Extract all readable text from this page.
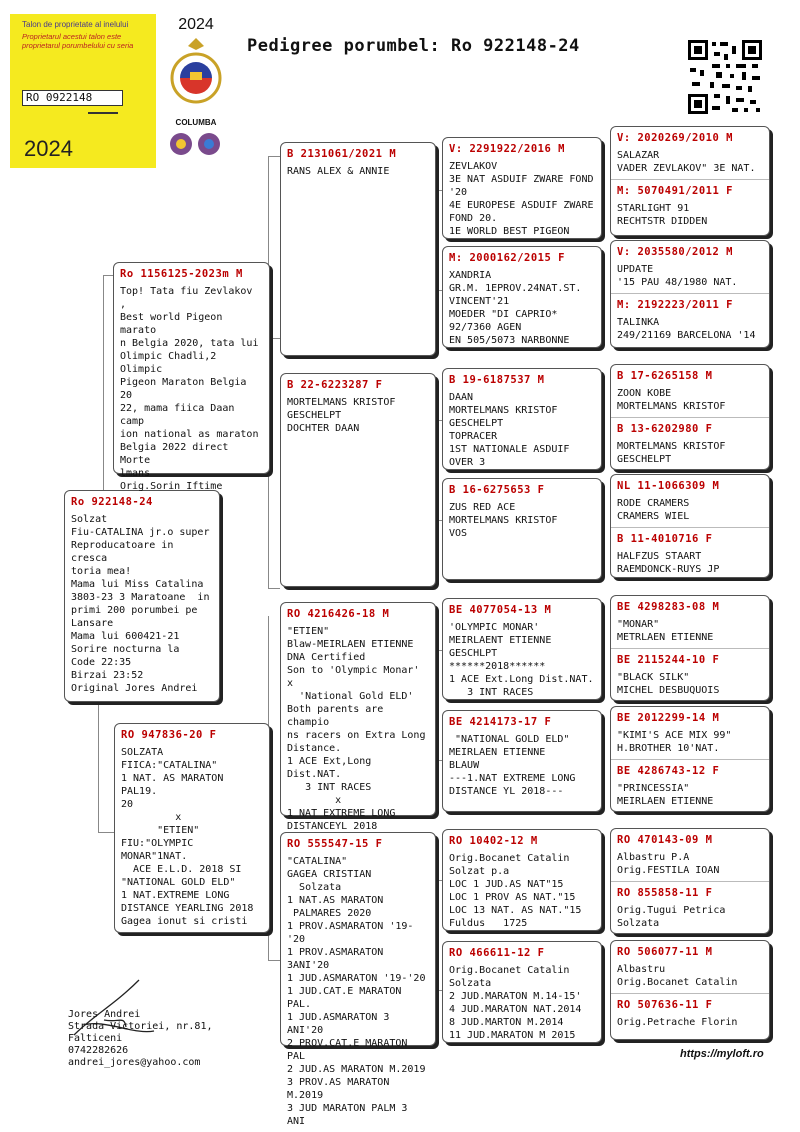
Talon de proprietate al inelului
Proprietarul acestui talon este proprietarul porumbelului cu seria
RO 0922148
2024
2024
COLUMBA
Pedigree porumbel: Ro 922148-24
Ro 922148-24
Solzat
Fiu-CATALINA jr.o super
Reproducatoare in cresca
toria mea!
Mama lui Miss Catalina
3803-23 3 Maratoane  in
primi 200 porumbei pe
Lansare
Mama lui 600421-21
Sorire nocturna la
Code 22:35
Birzai 23:52
Original Jores Andrei
Ro 1156125-2023m M
Top! Tata fiu Zevlakov ,
Best world Pigeon marato
n Belgia 2020, tata lui
Olimpic Chadli,2 Olimpic
Pigeon Maraton Belgia 20
22, mama fiica Daan camp
ion national as maraton
Belgia 2022 direct Morte
lmans
Orig.Sorin Iftime
RO 947836-20 F
SOLZATA
FIICA:"CATALINA"
1 NAT. AS MARATON PAL19.
20
x
"ETIEN"
FIU:"OLYMPIC MONAR"1NAT.
ACE E.L.D. 2018 SI
"NATIONAL GOLD ELD"
1 NAT.EXTREME LONG
DISTANCE YEARLING 2018
Gagea ionut si cristi
B 2131061/2021 M
RANS ALEX & ANNIE
B 22-6223287 F
MORTELMANS KRISTOF
GESCHELPT
DOCHTER DAAN
RO 4216426-18 M
"ETIEN"
Blaw-MEIRLAEN ETIENNE
DNA Certified
Son to 'Olympic Monar' x
'National Gold ELD'
Both parents are champio
ns racers on Extra Long
Distance.
1 ACE Ext,Long Dist.NAT.
3 INT RACES
x
1 NAT EXTREME LONG
DISTANCEYL 2018
RO 555547-15 F
"CATALINA"
GAGEA CRISTIAN
Solzata
1 NAT.AS MARATON
PALMARES 2020
1 PROV.ASMARATON '19-'20
1 PROV.ASMARATON 3ANI'20
1 JUD.ASMARATON '19-'20
1 JUD.CAT.E MARATON PAL.
1 JUD.ASMARATON 3 ANI'20
2 PROV.CAT.E MARATON PAL
2 JUD.AS MARATON M.2019
3 PROV.AS MARATON M.2019
3 JUD MARATON PALM 3 ANI
V: 2291922/2016 M
ZEVLAKOV
3E NAT ASDUIF ZWARE FOND
'20
4E EUROPESE ASDUIF ZWARE
FOND 20.
1E WORLD BEST PIGEON
M: 2000162/2015 F
XANDRIA
GR.M. 1EPROV.24NAT.ST.
VINCENT'21
MOEDER "DI CAPRIO*
92/7360 AGEN
EN 505/5073 NARBONNE
B 19-6187537 M
DAAN
MORTELMANS KRISTOF
GESCHELPT
TOPRACER
1ST NATIONALE ASDUIF
OVER 3
B 16-6275653 F
ZUS RED ACE
MORTELMANS KRISTOF
VOS
BE 4077054-13 M
'OLYMPIC MONAR'
MEIRLAENT ETIENNE
GESCHLPT
******2018******
1 ACE Ext.Long Dist.NAT.
3 INT RACES
BE 4214173-17 F
"NATIONAL GOLD ELD"
MEIRLAEN ETIENNE
BLAUW
---1.NAT EXTREME LONG
DISTANCE YL 2018---
RO 10402-12 M
Orig.Bocanet Catalin
Solzat p.a
LOC 1 JUD.AS NAT"15
LOC 1 PROV AS NAT."15
LOC 13 NAT. AS NAT."15
Fuldus   1725
RO 466611-12 F
Orig.Bocanet Catalin
Solzata
2 JUD.MARATON M.14-15'
4 JUD.MARATON NAT.2014
8 JUD.MARTON M.2014
11 JUD.MARATON M 2015
V: 2020269/2010 M
SALAZAR
VADER ZEVLAKOV" 3E NAT.
M: 5070491/2011 F
STARLIGHT 91
RECHTSTR DIDDEN
V: 2035580/2012 M
UPDATE
'15 PAU 48/1980 NAT.
M: 2192223/2011 F
TALINKA
249/21169 BARCELONA '14
B 17-6265158 M
ZOON KOBE
MORTELMANS KRISTOF
B 13-6202980 F
MORTELMANS KRISTOF
GESCHELPT
NL 11-1066309 M
RODE CRAMERS
CRAMERS WIEL
B 11-4010716 F
HALFZUS STAART
RAEMDONCK-RUYS JP
BE 4298283-08 M
"MONAR"
METRLAEN ETIENNE
BE 2115244-10 F
"BLACK SILK"
MICHEL DESBUQUOIS
BE 2012299-14 M
"KIMI'S ACE MIX 99"
H.BROTHER 10'NAT.
BE 4286743-12 F
"PRINCESSIA"
MEIRLAEN ETIENNE
RO 470143-09 M
Albastru P.A
Orig.FESTILA IOAN
RO 855858-11 F
Orig.Tugui Petrica
Solzata
RO 506077-11 M
Albastru
Orig.Bocanet Catalin
RO 507636-11 F
Orig.Petrache Florin
Jores Andrei
Strada Victoriei, nr.81,
Falticeni
0742282626
andrei_jores@yahoo.com
https://myloft.ro
